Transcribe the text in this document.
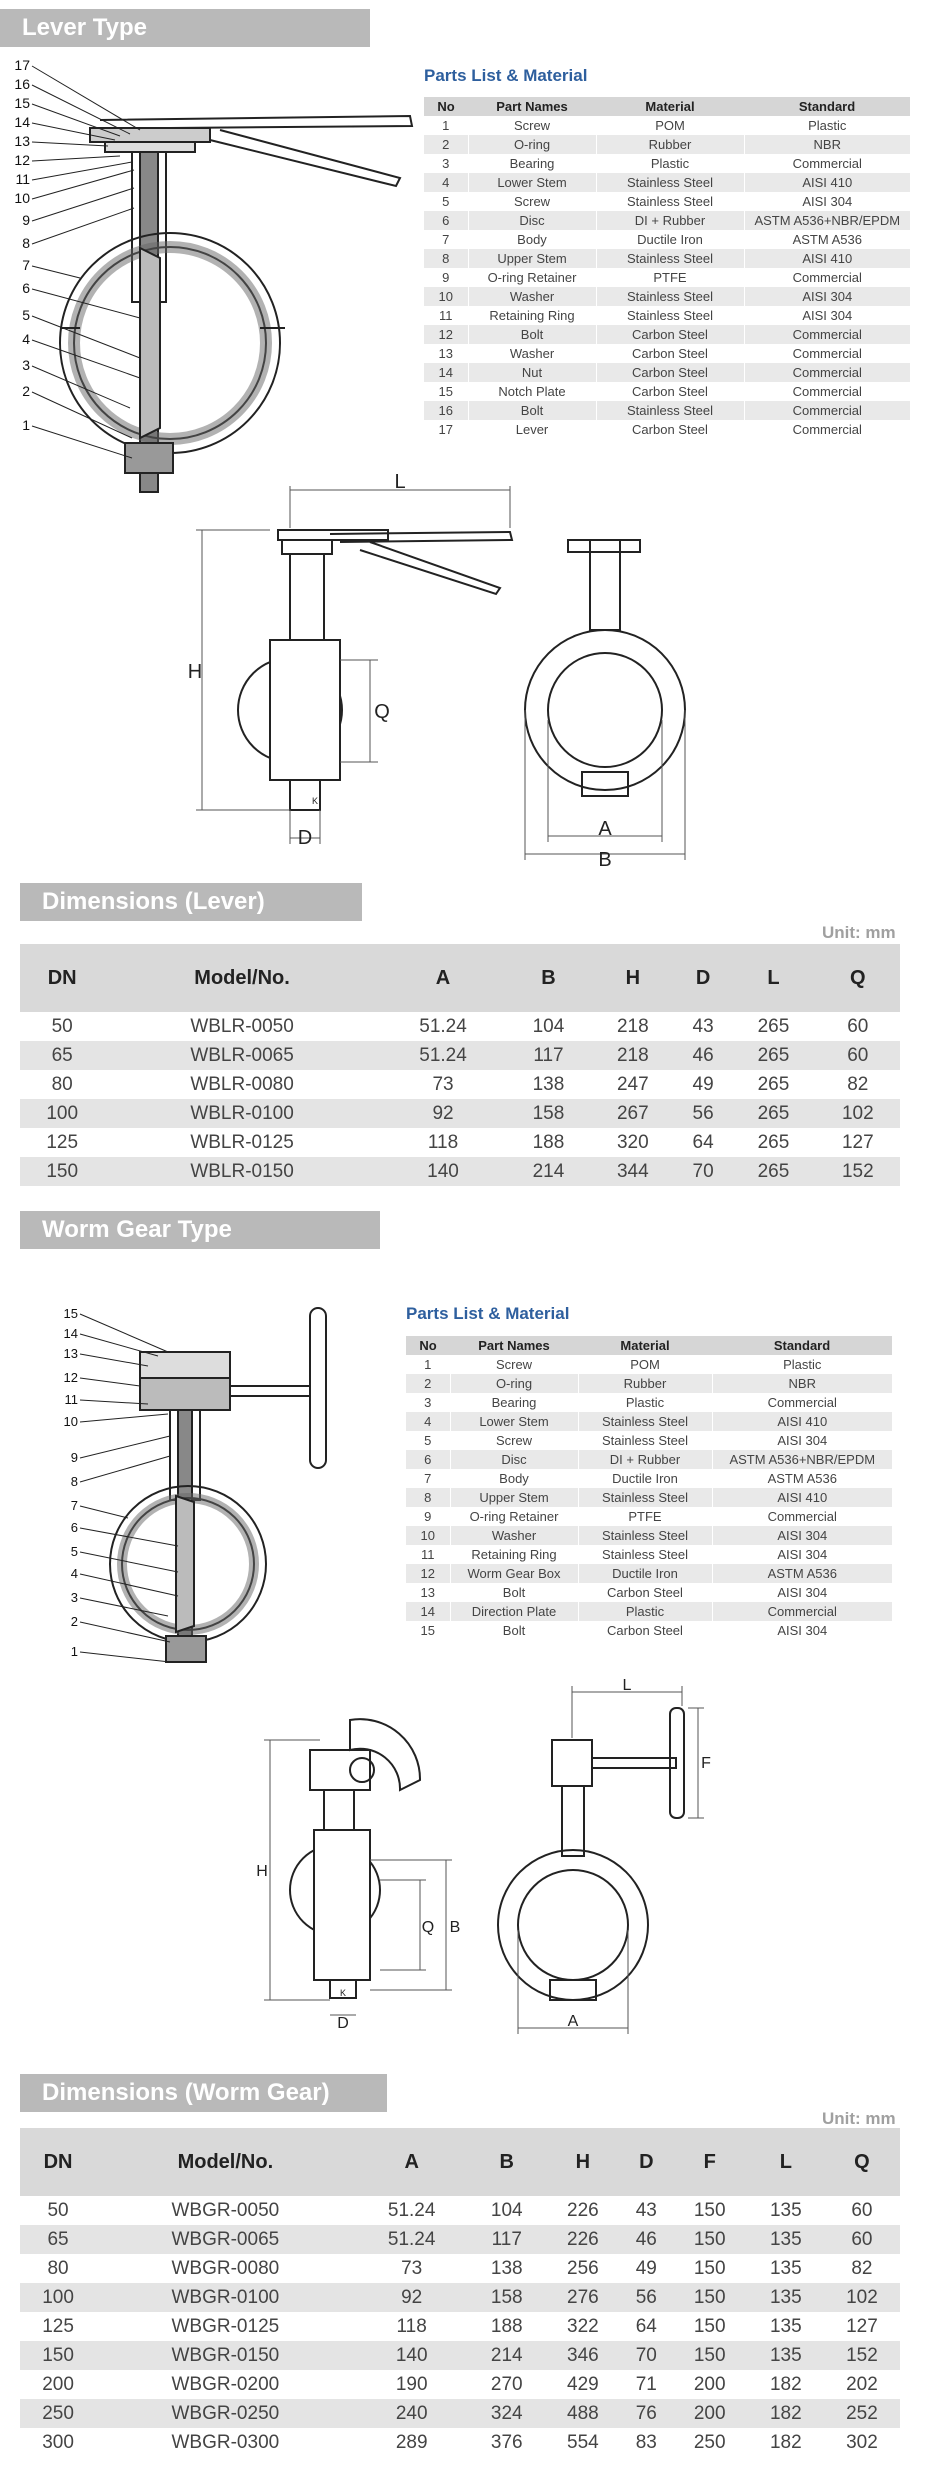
Lever Type
17
16
15
14
13
12
11
10
9
8
7
6
5
4
3
2
1
Parts List & Material
No	Part Names	Material	Standard
1	Screw	POM	Plastic
2	O-ring	Rubber	NBR
3	Bearing	Plastic	Commercial
4	Lower Stem	Stainless Steel	AISI 410
5	Screw	Stainless Steel	AISI 304
6	Disc	DI + Rubber	ASTM A536+NBR/EPDM
7	Body	Ductile Iron	ASTM A536
8	Upper Stem	Stainless Steel	AISI 410
9	O-ring Retainer	PTFE	Commercial
10	Washer	Stainless Steel	AISI 304
11	Retaining Ring	Stainless Steel	AISI 304
12	Bolt	Carbon Steel	Commercial
13	Washer	Carbon Steel	Commercial
14	Nut	Carbon Steel	Commercial
15	Notch Plate	Carbon Steel	Commercial
16	Bolt	Stainless Steel	Commercial
17	Lever	Carbon Steel	Commercial
L
H
Q
D
K
A
B
Dimensions (Lever)
Unit: mm
DN	Model/No.	A	B	H	D	L	Q
50	WBLR-0050	51.24	104	218	43	265	60
65	WBLR-0065	51.24	117	218	46	265	60
80	WBLR-0080	73	138	247	49	265	82
100	WBLR-0100	92	158	267	56	265	102
125	WBLR-0125	118	188	320	64	265	127
150	WBLR-0150	140	214	344	70	265	152
Worm Gear Type
15
14
13
12
11
10
9
8
7
6
5
4
3
2
1
Parts List & Material
No	Part Names	Material	Standard
1	Screw	POM	Plastic
2	O-ring	Rubber	NBR
3	Bearing	Plastic	Commercial
4	Lower Stem	Stainless Steel	AISI 410
5	Screw	Stainless Steel	AISI 304
6	Disc	DI + Rubber	ASTM A536+NBR/EPDM
7	Body	Ductile Iron	ASTM A536
8	Upper Stem	Stainless Steel	AISI 410
9	O-ring Retainer	PTFE	Commercial
10	Washer	Stainless Steel	AISI 304
11	Retaining Ring	Stainless Steel	AISI 304
12	Worm Gear Box	Ductile Iron	ASTM A536
13	Bolt	Carbon Steel	AISI 304
14	Direction Plate	Plastic	Commercial
15	Bolt	Carbon Steel	AISI 304
L
F
H
Q B
D
K
A
Dimensions (Worm Gear)
Unit: mm
DN	Model/No.	A	B	H	D	F	L	Q
50	WBGR-0050	51.24	104	226	43	150	135	60
65	WBGR-0065	51.24	117	226	46	150	135	60
80	WBGR-0080	73	138	256	49	150	135	82
100	WBGR-0100	92	158	276	56	150	135	102
125	WBGR-0125	118	188	322	64	150	135	127
150	WBGR-0150	140	214	346	70	150	135	152
200	WBGR-0200	190	270	429	71	200	182	202
250	WBGR-0250	240	324	488	76	200	182	252
300	WBGR-0300	289	376	554	83	250	182	302
